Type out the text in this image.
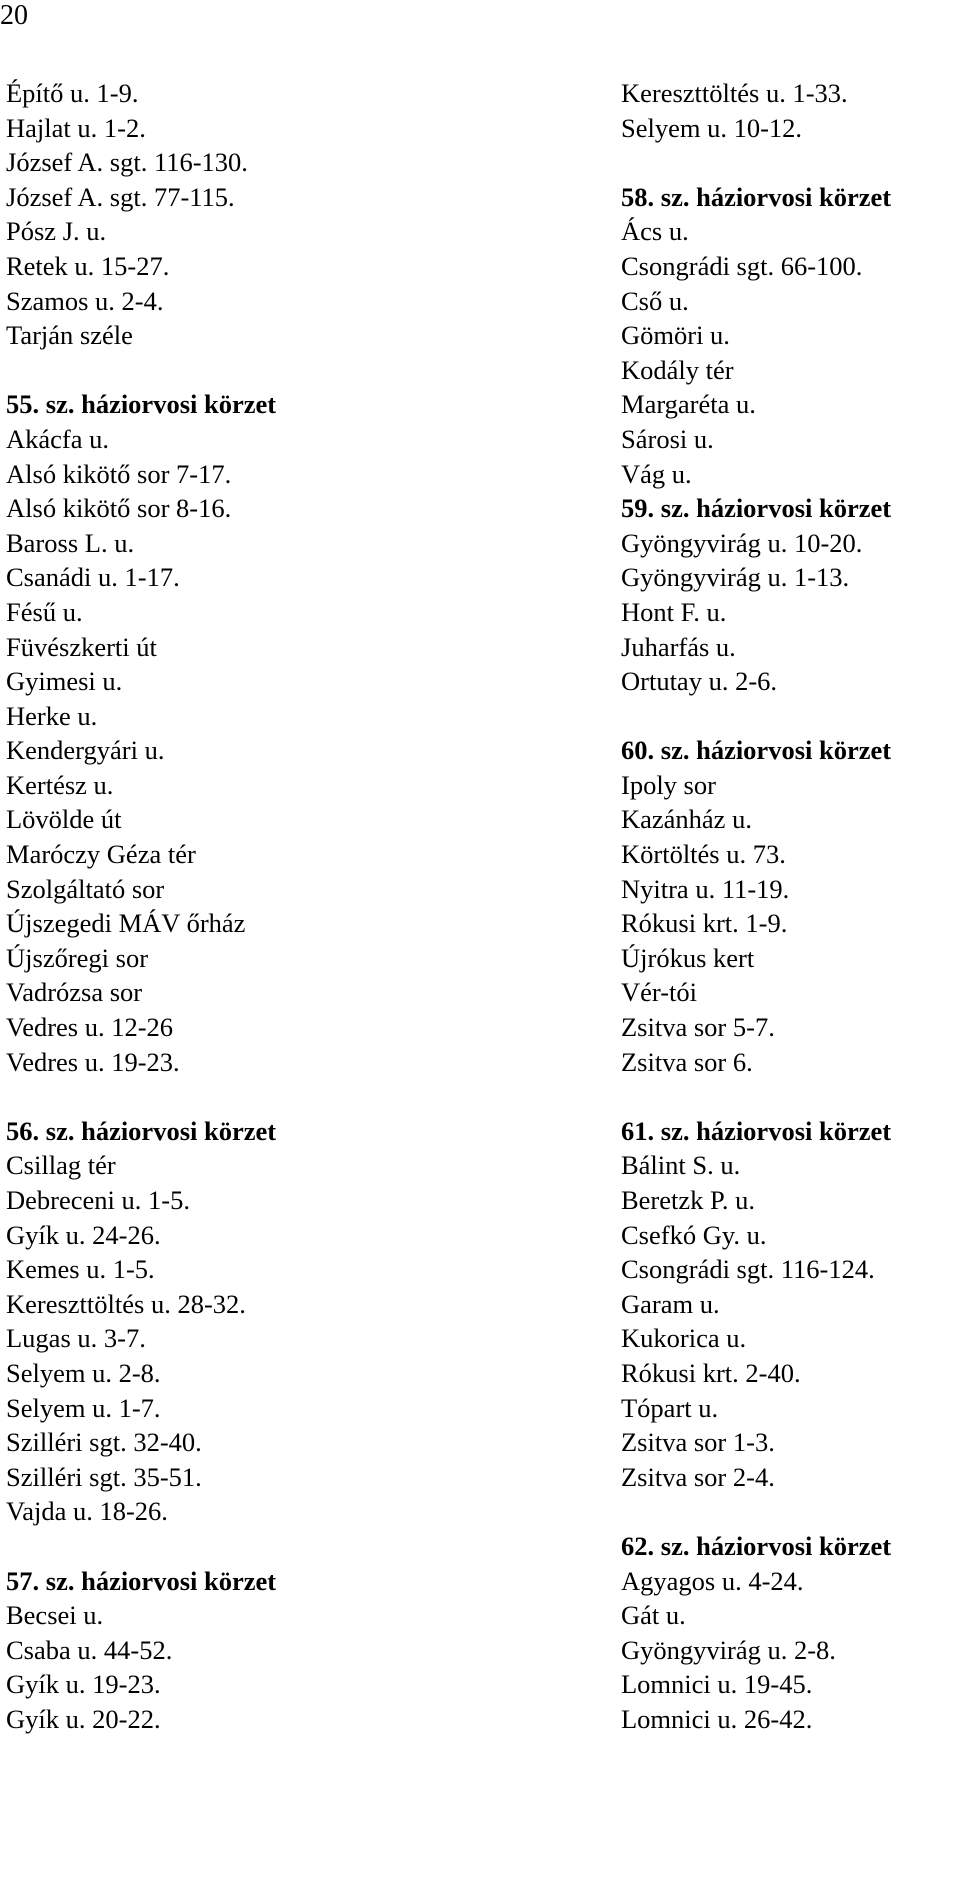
20
Építő u. 1-9.
Hajlat u. 1-2.
József A. sgt. 116-130.
József A. sgt. 77-115.
Pósz J. u.
Retek u. 15-27.
Szamos u. 2-4.
Tarján széle
55. sz. háziorvosi körzet
Akácfa u.
Alsó kikötő sor 7-17.
Alsó kikötő sor 8-16.
Baross L. u.
Csanádi u. 1-17.
Fésű u.
Füvészkerti út
Gyimesi u.
Herke u.
Kendergyári u.
Kertész u.
Lövölde út
Maróczy Géza tér
Szolgáltató sor
Újszegedi MÁV őrház
Újszőregi sor
Vadrózsa sor
Vedres u. 12-26
Vedres u. 19-23.
56. sz. háziorvosi körzet
Csillag tér
Debreceni u. 1-5.
Gyík u. 24-26.
Kemes u. 1-5.
Kereszttöltés u. 28-32.
Lugas u. 3-7.
Selyem u. 2-8.
Selyem u. 1-7.
Szilléri sgt. 32-40.
Szilléri sgt. 35-51.
Vajda u. 18-26.
57. sz. háziorvosi körzet
Becsei u.
Csaba u. 44-52.
Gyík u. 19-23.
Gyík u. 20-22.
Kereszttöltés u. 1-33.
Selyem u. 10-12.
58. sz. háziorvosi körzet
Ács u.
Csongrádi sgt. 66-100.
Cső u.
Gömöri u.
Kodály tér
Margaréta u.
Sárosi u.
Vág u.
59. sz. háziorvosi körzet
Gyöngyvirág u. 10-20.
Gyöngyvirág u. 1-13.
Hont F. u.
Juharfás u.
Ortutay u. 2-6.
60. sz. háziorvosi körzet
Ipoly sor
Kazánház u.
Körtöltés u. 73.
Nyitra u. 11-19.
Rókusi krt. 1-9.
Újrókus kert
Vér-tói
Zsitva sor 5-7.
Zsitva sor 6.
61. sz. háziorvosi körzet
Bálint S. u.
Beretzk P. u.
Csefkó Gy. u.
Csongrádi sgt. 116-124.
Garam u.
Kukorica u.
Rókusi krt. 2-40.
Tópart u.
Zsitva sor 1-3.
Zsitva sor 2-4.
62. sz. háziorvosi körzet
Agyagos u. 4-24.
Gát u.
Gyöngyvirág u. 2-8.
Lomnici u. 19-45.
Lomnici u. 26-42.
